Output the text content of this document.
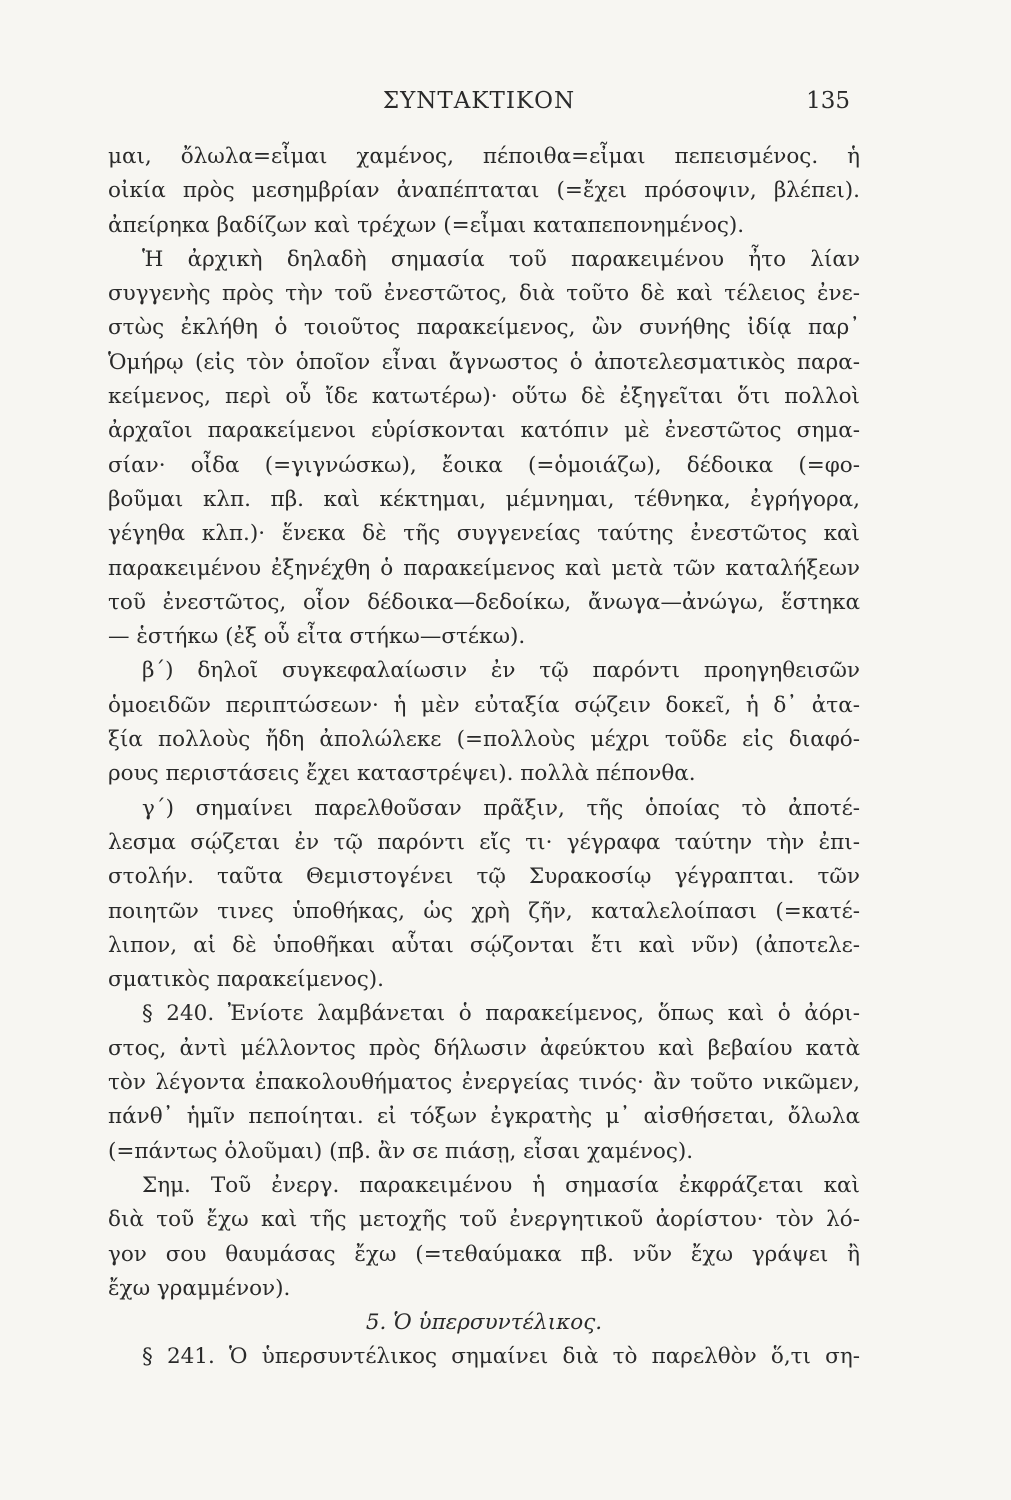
ΣΥΝΤΑΚΤΙΚΟΝ	135
μαι, ὄλωλα=εἶμαι χαμένος, πέποιθα=εἶμαι πεπεισμένος. ἡ
οἰκία πρὸς μεσημβρίαν ἀναπέπταται (=ἔχει πρόσοψιν, βλέπει).
ἀπείρηκα βαδίζων καὶ τρέχων (=εἶμαι καταπεπονημένος).
Ἡ ἀρχικὴ δηλαδὴ σημασία τοῦ παρακειμένου ἦτο λίαν
συγγενὴς πρὸς τὴν τοῦ ἐνεστῶτος, διὰ τοῦτο δὲ καὶ τέλειος ἐνε-
στὼς ἐκλήθη ὁ τοιοῦτος παρακείμενος, ὢν συνήθης ἰδίᾳ παρ᾽
Ὁμήρῳ (εἰς τὸν ὁποῖον εἶναι ἄγνωστος ὁ ἀποτελεσματικὸς παρα-
κείμενος, περὶ οὗ ἴδε κατωτέρω)· οὕτω δὲ ἐξηγεῖται ὅτι πολλοὶ
ἀρχαῖοι παρακείμενοι εὑρίσκονται κατόπιν μὲ ἐνεστῶτος σημα-
σίαν· οἶδα (=γιγνώσκω), ἔοικα (=ὁμοιάζω), δέδοικα (=φο-
βοῦμαι κλπ. πβ. καὶ κέκτημαι, μέμνημαι, τέθνηκα, ἐγρήγορα,
γέγηθα κλπ.)· ἕνεκα δὲ τῆς συγγενείας ταύτης ἐνεστῶτος καὶ
παρακειμένου ἐξηνέχθη ὁ παρακείμενος καὶ μετὰ τῶν καταλήξεων
τοῦ ἐνεστῶτος, οἷον δέδοικα—δεδοίκω, ἄνωγα—ἀνώγω, ἕστηκα
— ἑστήκω (ἐξ οὗ εἶτα στήκω—στέκω).
β΄) δηλοῖ συγκεφαλαίωσιν ἐν τῷ παρόντι προηγηθεισῶν
ὁμοειδῶν περιπτώσεων· ἡ μὲν εὐταξία σῴζειν δοκεῖ, ἡ δ᾽ ἀτα-
ξία πολλοὺς ἤδη ἀπολώλεκε (=πολλοὺς μέχρι τοῦδε εἰς διαφό-
ρους περιστάσεις ἔχει καταστρέψει). πολλὰ πέπονθα.
γ΄) σημαίνει παρελθοῦσαν πρᾶξιν, τῆς ὁποίας τὸ ἀποτέ-
λεσμα σῴζεται ἐν τῷ παρόντι εἴς τι· γέγραφα ταύτην τὴν ἐπι-
στολήν. ταῦτα Θεμιστογένει τῷ Συρακοσίῳ γέγραπται. τῶν
ποιητῶν τινες ὑποθήκας, ὡς χρὴ ζῆν, καταλελοίπασι (=κατέ-
λιπον, αἱ δὲ ὑποθῆκαι αὗται σῴζονται ἔτι καὶ νῦν) (ἀποτελε-
σματικὸς παρακείμενος).
§ 240. Ἐνίοτε λαμβάνεται ὁ παρακείμενος, ὅπως καὶ ὁ ἀόρι-
στος, ἀντὶ μέλλοντος πρὸς δήλωσιν ἀφεύκτου καὶ βεβαίου κατὰ
τὸν λέγοντα ἐπακολουθήματος ἐνεργείας τινός· ἂν τοῦτο νικῶμεν,
πάνθ᾽ ἡμῖν πεποίηται. εἰ τόξων ἐγκρατὴς μ᾽ αἰσθήσεται, ὄλωλα
(=πάντως ὁλοῦμαι) (πβ. ἂν σε πιάσῃ, εἶσαι χαμένος).
Σημ. Τοῦ ἐνεργ. παρακειμένου ἡ σημασία ἐκφράζεται καὶ
διὰ τοῦ ἔχω καὶ τῆς μετοχῆς τοῦ ἐνεργητικοῦ ἀορίστου· τὸν λό-
γον σου θαυμάσας ἔχω (=τεθαύμακα πβ. νῦν ἔχω γράψει ἢ
ἔχω γραμμένον).
5. Ὁ ὑπερσυντέλικος.
§ 241. Ὁ ὑπερσυντέλικος σημαίνει διὰ τὸ παρελθὸν ὅ,τι ση-
